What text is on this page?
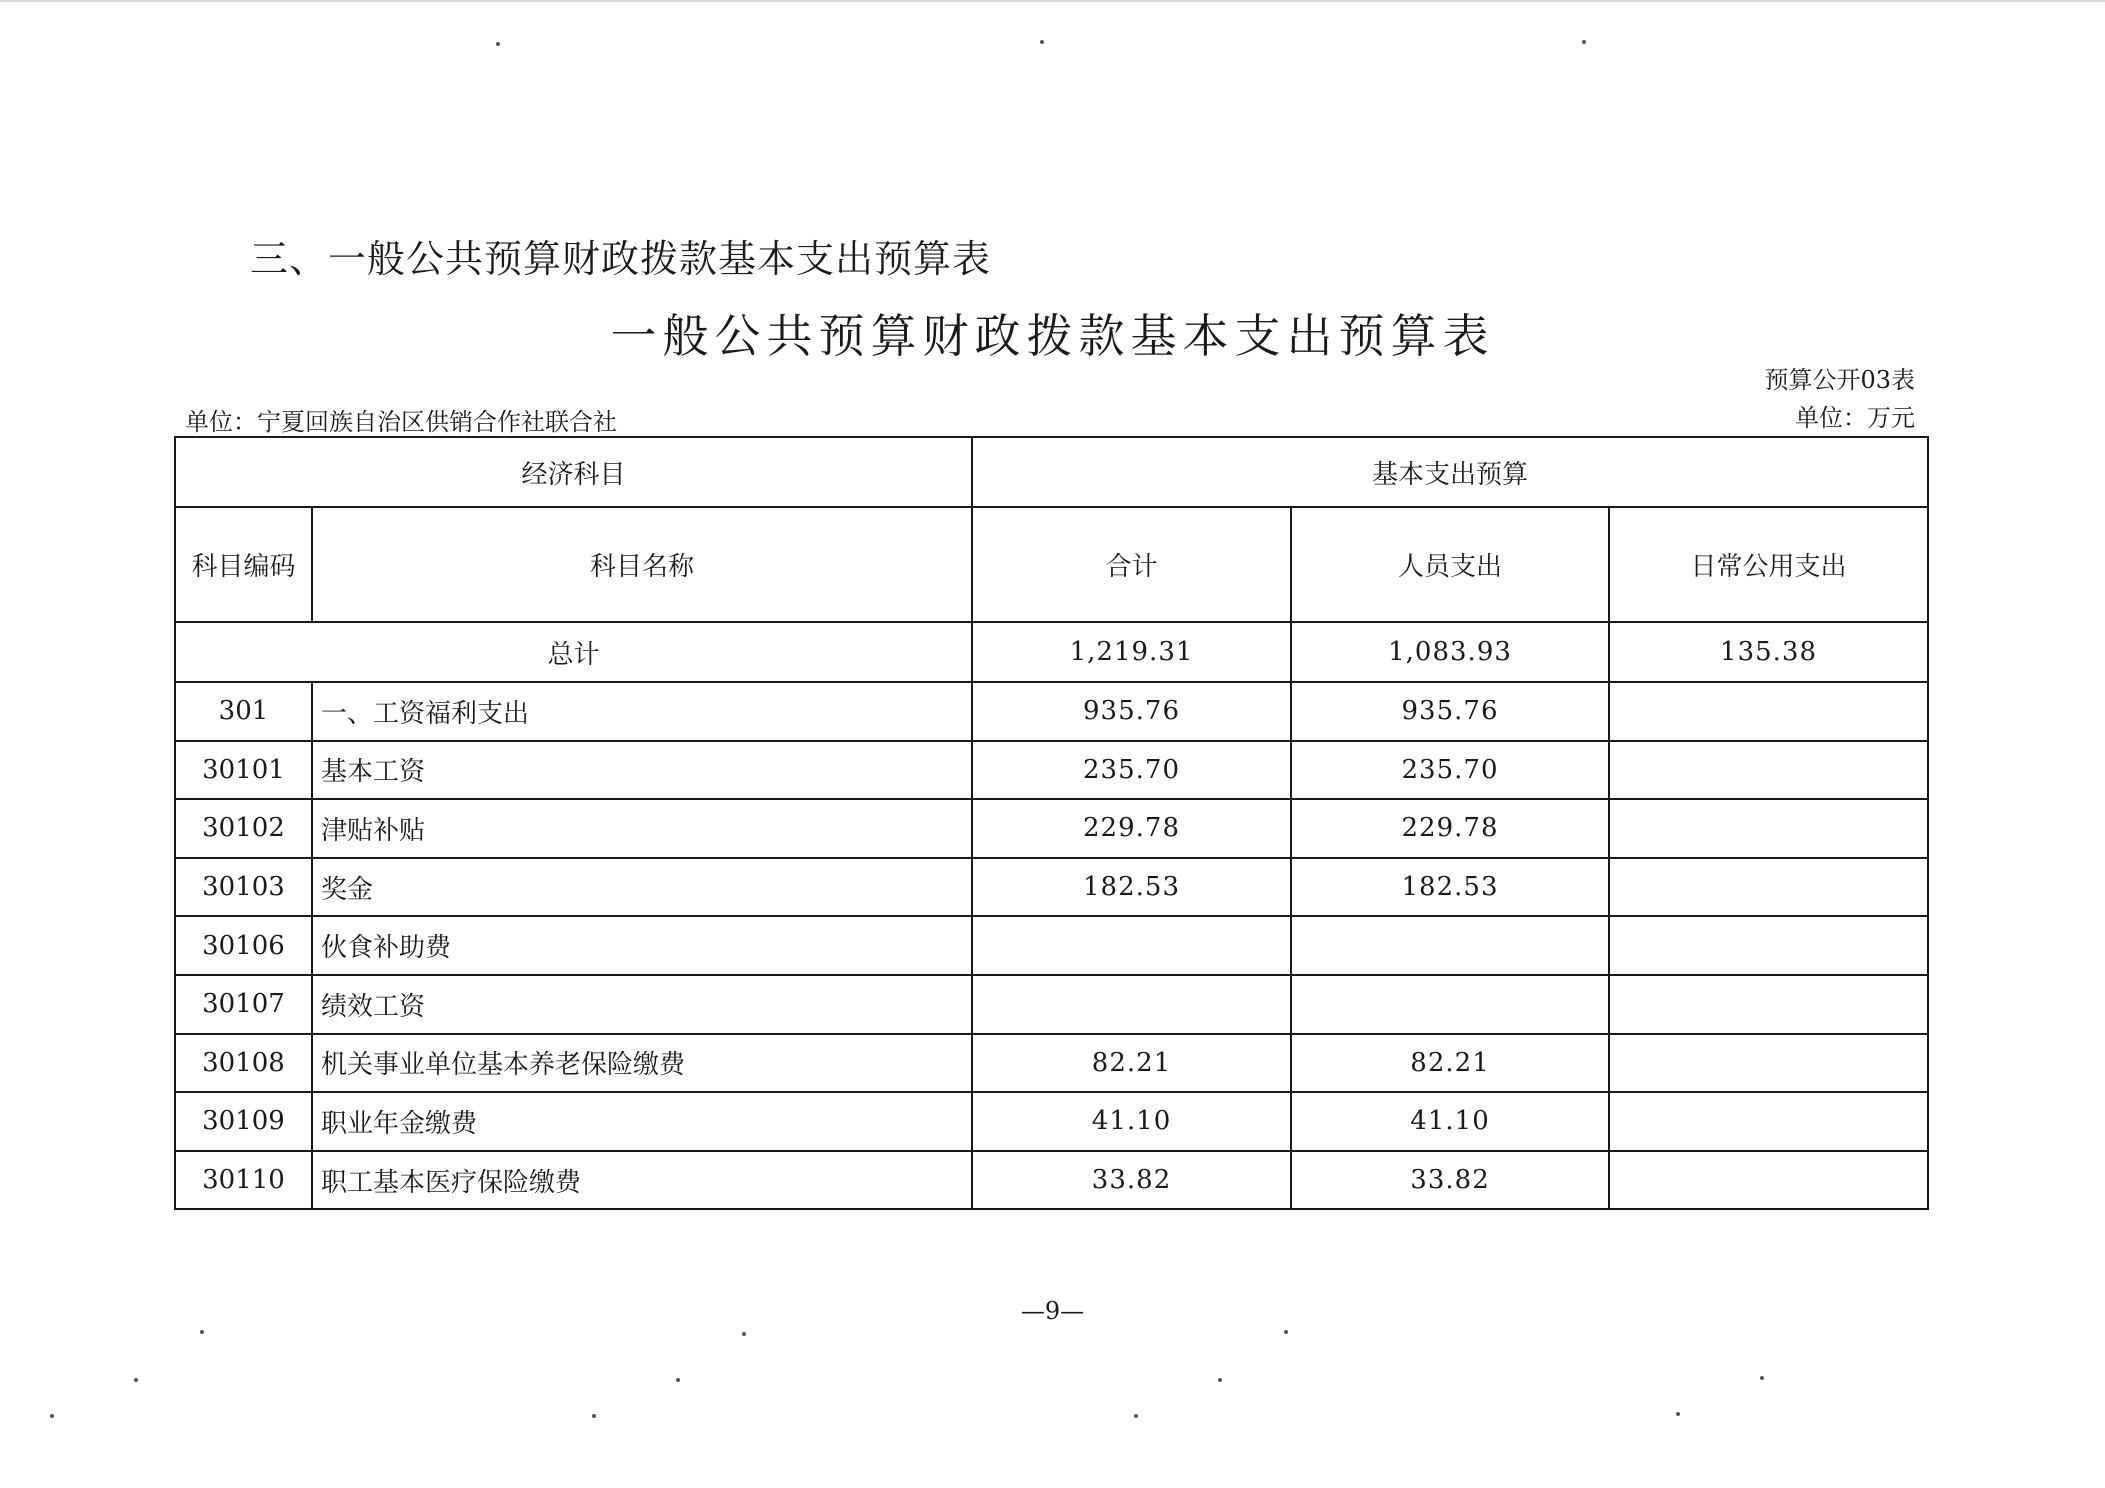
三、一般公共预算财政拨款基本支出预算表
一般公共预算财政拨款基本支出预算表
预算公开03表
单位：宁夏回族自治区供销合作社联合社	单位：万元
经济科目		基本支出预算		
科目编码	科目名称	合计	人员支出	日常公用支出
总计		1,219.31	1,083.93	135.38
301	一、工资福利支出	935.76	935.76	
30101	基本工资	235.70	235.70	
30102	津贴补贴	229.78	229.78	
30103	奖金	182.53	182.53	
30106	伙食补助费			
30107	绩效工资			
30108	机关事业单位基本养老保险缴费	82.21	82.21	
30109	职业年金缴费	41.10	41.10	
30110	职工基本医疗保险缴费	33.82	33.82	
—9—
